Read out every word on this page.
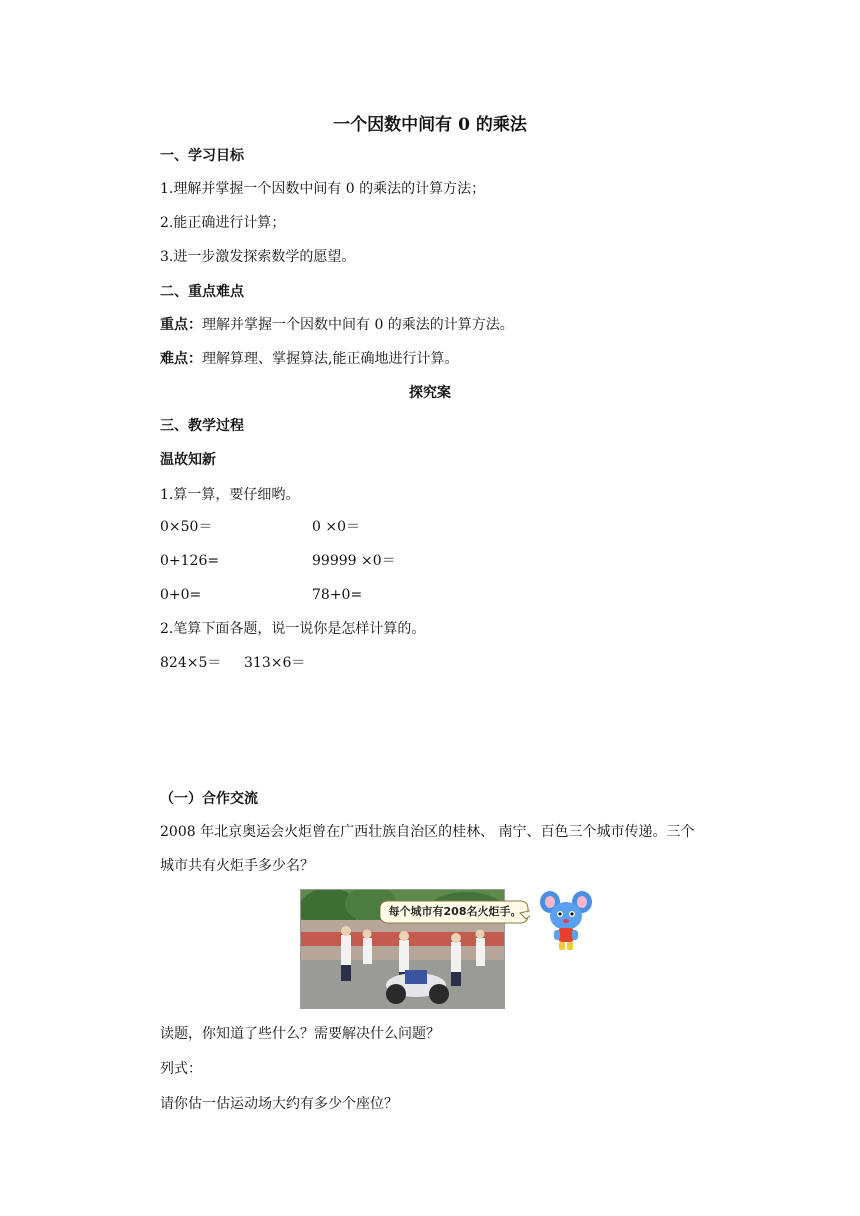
一个因数中间有 0 的乘法
一、学习目标
1.理解并掌握一个因数中间有 0 的乘法的计算方法；
2.能正确进行计算；
3.进一步激发探索数学的愿望。
二、重点难点
重点：理解并掌握一个因数中间有 0 的乘法的计算方法。
难点：理解算理、掌握算法,能正确地进行计算。
探究案
三、教学过程
温故知新
1.算一算，要仔细哟。
0×50＝	0 ×0＝
0+126=	99999 ×0＝
0+0=	78+0=
2.笔算下面各题，说一说你是怎样计算的。
824×5＝ 313×6＝
（一）合作交流
2008 年北京奥运会火炬曾在广西壮族自治区的桂林、 南宁、百色三个城市传递。三个
城市共有火炬手多少名？
每个城市有208名火炬手。
读题，你知道了些什么？需要解决什么问题？
列式：
请你估一估运动场大约有多少个座位？
